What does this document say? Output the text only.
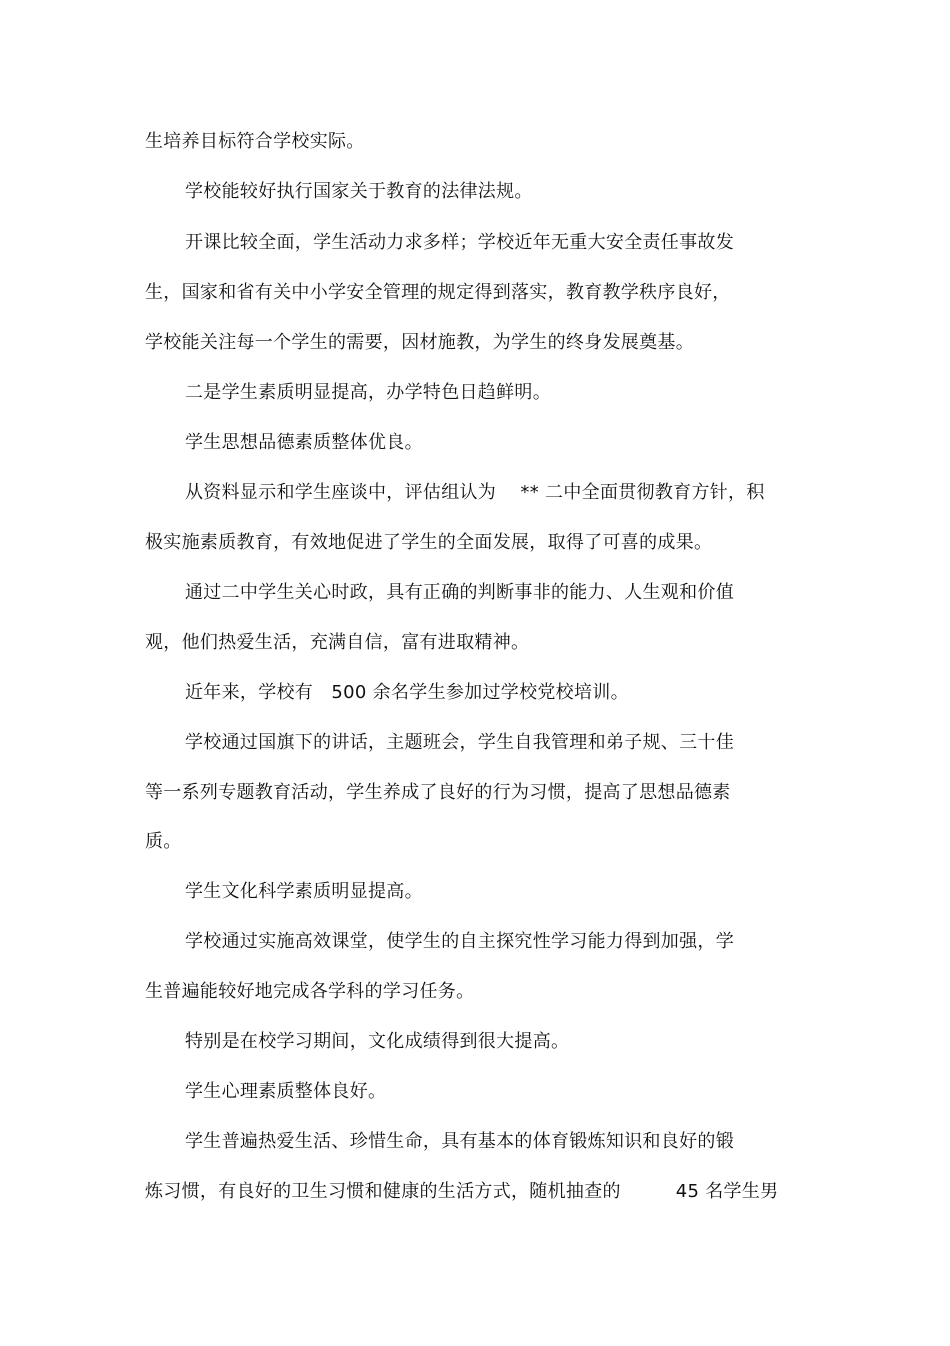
生培养目标符合学校实际。
学校能较好执行国家关于教育的法律法规。
开课比较全面，学生活动力求多样；学校近年无重大安全责任事故发
生，国家和省有关中小学安全管理的规定得到落实，教育教学秩序良好，
学校能关注每一个学生的需要，因材施教，为学生的终身发展奠基。
二是学生素质明显提高，办学特色日趋鲜明。
学生思想品德素质整体优良。
从资料显示和学生座谈中，评估组认为　 ** 二中全面贯彻教育方针，积
极实施素质教育，有效地促进了学生的全面发展，取得了可喜的成果。
通过二中学生关心时政，具有正确的判断事非的能力、人生观和价值
观，他们热爱生活，充满自信，富有进取精神。
近年来，学校有　500 余名学生参加过学校党校培训。
学校通过国旗下的讲话，主题班会，学生自我管理和弟子规、三十佳
等一系列专题教育活动，学生养成了良好的行为习惯，提高了思想品德素
质。
学生文化科学素质明显提高。
学校通过实施高效课堂，使学生的自主探究性学习能力得到加强，学
生普遍能较好地完成各学科的学习任务。
特别是在校学习期间，文化成绩得到很大提高。
学生心理素质整体良好。
学生普遍热爱生活、珍惜生命，具有基本的体育锻炼知识和良好的锻
炼习惯，有良好的卫生习惯和健康的生活方式，随机抽查的　　　45 名学生男
